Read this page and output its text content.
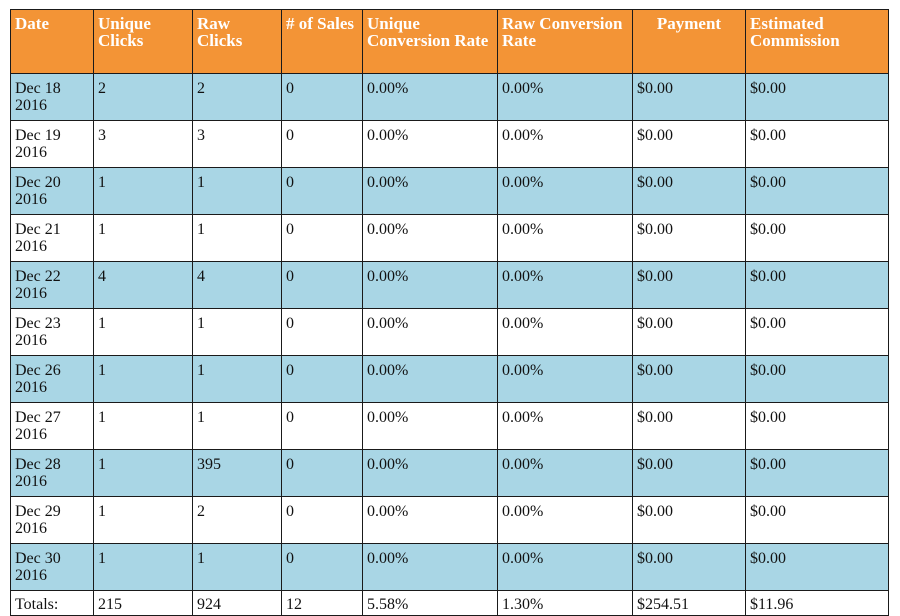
Date	Unique Clicks	Raw Clicks	# of Sales	Unique Conversion Rate	Raw Conversion Rate	Payment	Estimated Commission
Dec 18 2016	2	2	0	0.00%	0.00%	$0.00	$0.00
Dec 19 2016	3	3	0	0.00%	0.00%	$0.00	$0.00
Dec 20 2016	1	1	0	0.00%	0.00%	$0.00	$0.00
Dec 21 2016	1	1	0	0.00%	0.00%	$0.00	$0.00
Dec 22 2016	4	4	0	0.00%	0.00%	$0.00	$0.00
Dec 23 2016	1	1	0	0.00%	0.00%	$0.00	$0.00
Dec 26 2016	1	1	0	0.00%	0.00%	$0.00	$0.00
Dec 27 2016	1	1	0	0.00%	0.00%	$0.00	$0.00
Dec 28 2016	1	395	0	0.00%	0.00%	$0.00	$0.00
Dec 29 2016	1	2	0	0.00%	0.00%	$0.00	$0.00
Dec 30 2016	1	1	0	0.00%	0.00%	$0.00	$0.00
Totals:	215	924	12	5.58%	1.30%	$254.51	$11.96
